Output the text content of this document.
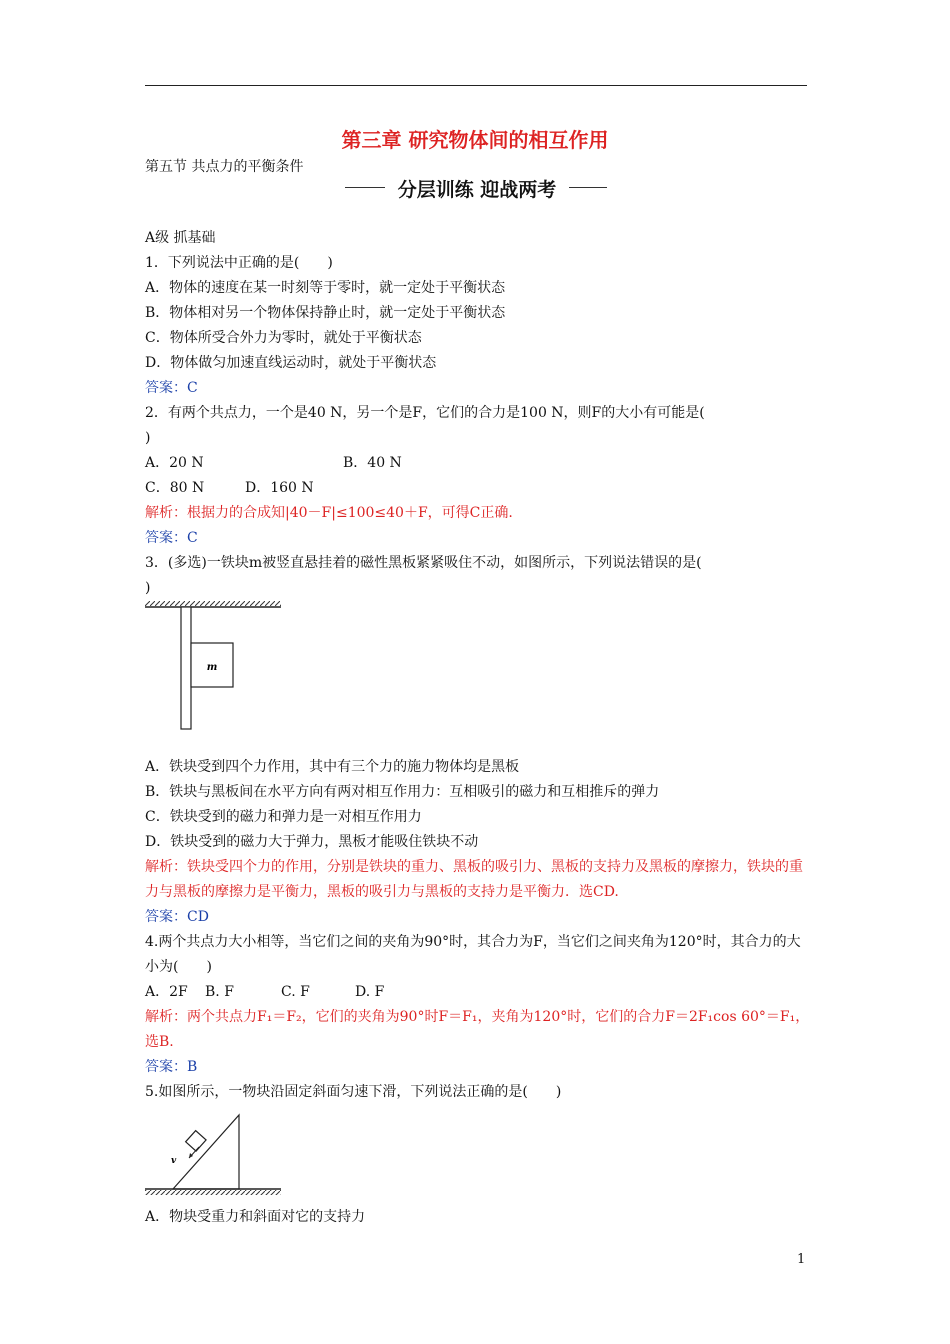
第三章 研究物体间的相互作用
第五节 共点力的平衡条件
分层训练 迎战两考
A级 抓基础
1．下列说法中正确的是(　　)
A．物体的速度在某一时刻等于零时，就一定处于平衡状态
B．物体相对另一个物体保持静止时，就一定处于平衡状态
C．物体所受合外力为零时，就处于平衡状态
D．物体做匀加速直线运动时，就处于平衡状态
答案：C
2．有两个共点力，一个是40 N，另一个是F，它们的合力是100 N，则F的大小有可能是(
)
A．20 N	B．40 N
C．80 N	D．160 N
解析：根据力的合成知|40－F|≤100≤40＋F，可得C正确.
答案：C
3．(多选)一铁块m被竖直悬挂着的磁性黑板紧紧吸住不动，如图所示，下列说法错误的是(
)
m
A．铁块受到四个力作用，其中有三个力的施力物体均是黑板
B．铁块与黑板间在水平方向有两对相互作用力：互相吸引的磁力和互相推斥的弹力
C．铁块受到的磁力和弹力是一对相互作用力
D．铁块受到的磁力大于弹力，黑板才能吸住铁块不动
解析：铁块受四个力的作用，分别是铁块的重力、黑板的吸引力、黑板的支持力及黑板的摩擦力，铁块的重力与黑板的摩擦力是平衡力，黑板的吸引力与黑板的支持力是平衡力．选CD.
答案：CD
4.两个共点力大小相等，当它们之间的夹角为90°时，其合力为F，当它们之间夹角为120°时，其合力的大小为(　　)
A．2F B. F	C. F	D. F
解析：两个共点力F₁＝F₂，它们的夹角为90°时F＝F₁，夹角为120°时，它们的合力F＝2F₁cos 60°＝F₁，选B.
答案：B
5.如图所示，一物块沿固定斜面匀速下滑，下列说法正确的是(　　)
v
A．物块受重力和斜面对它的支持力
1
